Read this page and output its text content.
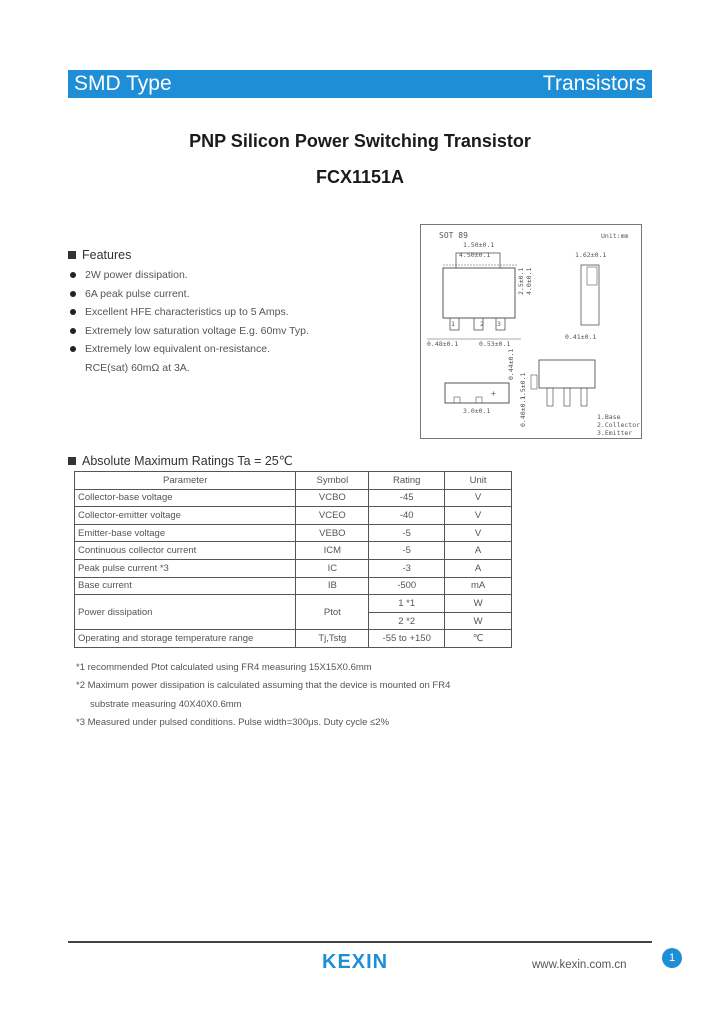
SMD Type	Transistors
PNP Silicon Power Switching Transistor
FCX1151A
Features
2W power dissipation.
6A peak pulse current.
Excellent HFE characteristics up to 5 Amps.
Extremely low saturation voltage E.g. 60mv Typ.
Extremely low equivalent on-resistance.
RCE(sat) 60mΩ at 3A.
SOT 89	Unit:mm
4.50±0.1
1.50±0.1
2.5±0.1 4.0±0.1
1	2 3
0.48±0.1	0.53±0.1
1.62±0.1
0.41±0.1
3.0±0.1
+	1.5±0.1
0.40±0.1
0.44±0.1
1.Base
2.Collector
3.Emitter
Absolute Maximum Ratings Ta = 25℃
Parameter	Symbol	Rating	Unit
Collector-base voltage	VCBO	-45	V
Collector-emitter voltage	VCEO	-40	V
Emitter-base voltage	VEBO	-5	V
Continuous collector current	ICM	-5	A
Peak pulse current *3	IC	-3	A
Base current	IB	-500	mA
Power dissipation	Ptot	1 *1	W
		2 *2	W
Operating and storage temperature range	Tj,Tstg	-55 to +150	℃
*1 recommended Ptot calculated using FR4 measuring 15X15X0.6mm
*2 Maximum power dissipation is calculated assuming that the device is mounted on FR4
substrate measuring 40X40X0.6mm
*3 Measured under pulsed conditions. Pulse width=300μs. Duty cycle ≤2%
KEXIN	www.kexin.com.cn
1
